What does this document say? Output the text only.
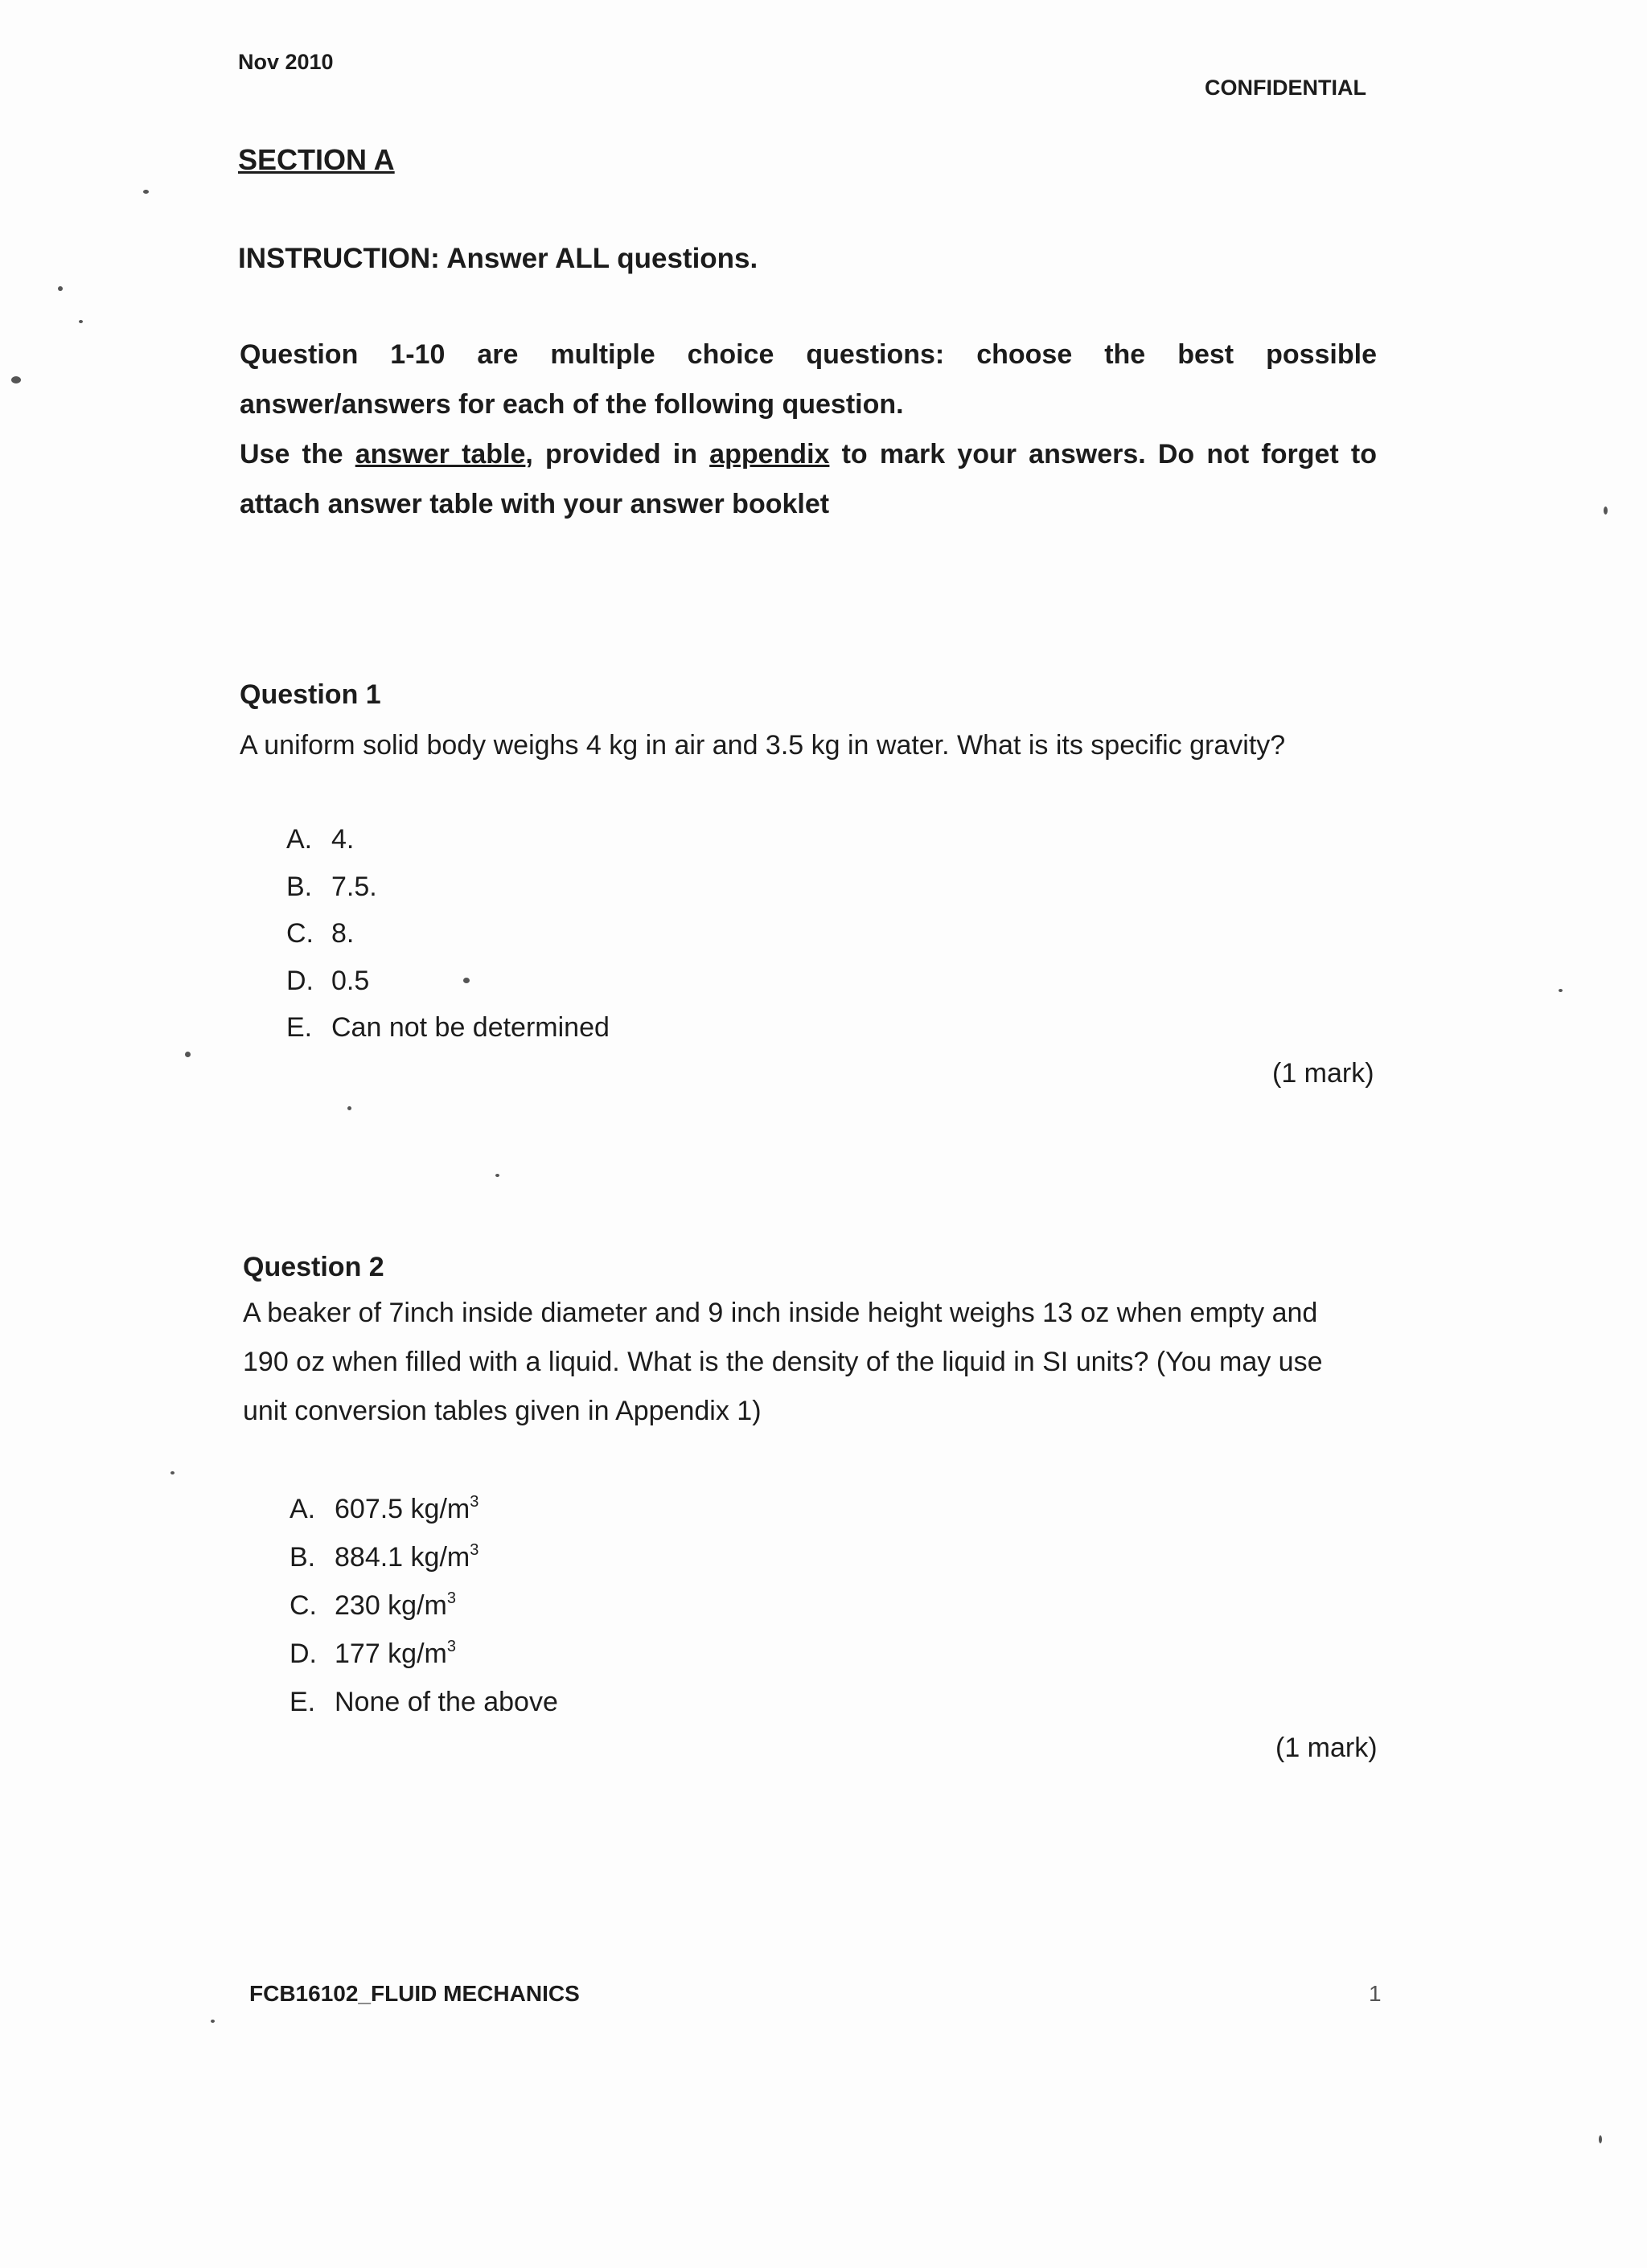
Nov 2010
CONFIDENTIAL
SECTION A
INSTRUCTION: Answer ALL questions.
Question 1-10 are multiple choice questions: choose the best possible
answer/answers for each of the following question.
Use the answer table, provided in appendix to mark your answers. Do not forget to
attach answer table with your answer booklet
Question 1
A uniform solid body weighs 4 kg in air and 3.5 kg in water. What is its specific gravity?
A. 4.
B. 7.5.
C. 8.
D. 0.5
E. Can not be determined
(1 mark)
Question 2
A beaker of 7inch inside diameter and 9 inch inside height weighs 13 oz when empty and 190 oz when filled with a liquid. What is the density of the liquid in SI units? (You may use unit conversion tables given in Appendix 1)
A. 607.5 $kg/m^3$
B. 884.1 $kg/m^3$
C. 230 $kg/m^3$
D. 177 $kg/m^3$
E. None of the above
(1 mark)
FCB16102_FLUID MECHANICS	1
